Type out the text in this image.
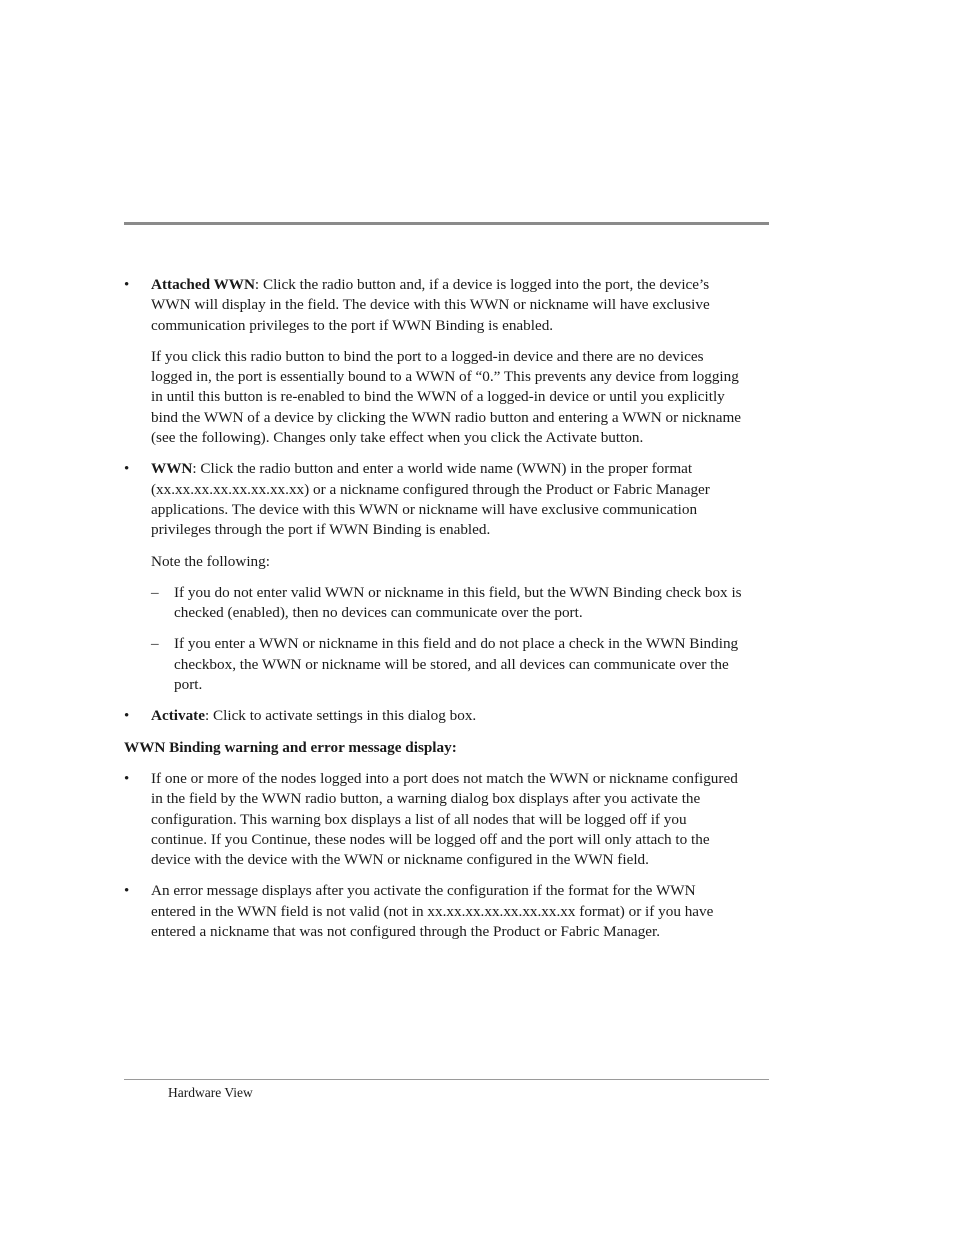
• Attached WWN: Click the radio button and, if a device is logged into the port, the device’s WWN will display in the field. The device with this WWN or nickname will have exclusive communication privileges to the port if WWN Binding is enabled.

If you click this radio button to bind the port to a logged-in device and there are no devices logged in, the port is essentially bound to a WWN of “0.” This prevents any device from logging in until this button is re-enabled to bind the WWN of a logged-in device or until you explicitly bind the WWN of a device by clicking the WWN radio button and entering a WWN or nickname (see the following). Changes only take effect when you click the Activate button.

• WWN: Click the radio button and enter a world wide name (WWN) in the proper format (xx.xx.xx.xx.xx.xx.xx.xx) or a nickname configured through the Product or Fabric Manager applications. The device with this WWN or nickname will have exclusive communication privileges through the port if WWN Binding is enabled.

Note the following:

– If you do not enter valid WWN or nickname in this field, but the WWN Binding check box is checked (enabled), then no devices can communicate over the port.
– If you enter a WWN or nickname in this field and do not place a check in the WWN Binding checkbox, the WWN or nickname will be stored, and all devices can communicate over the port.
• Activate: Click to activate settings in this dialog box.

WWN Binding warning and error message display:

• If one or more of the nodes logged into a port does not match the WWN or nickname configured in the field by the WWN radio button, a warning dialog box displays after you activate the configuration. This warning box displays a list of all nodes that will be logged off if you continue. If you Continue, these nodes will be logged off and the port will only attach to the device with the device with the WWN or nickname configured in the WWN field.
• An error message displays after you activate the configuration if the format for the WWN entered in the WWN field is not valid (not in xx.xx.xx.xx.xx.xx.xx.xx format) or if you have entered a nickname that was not configured through the Product or Fabric Manager.
Hardware View
